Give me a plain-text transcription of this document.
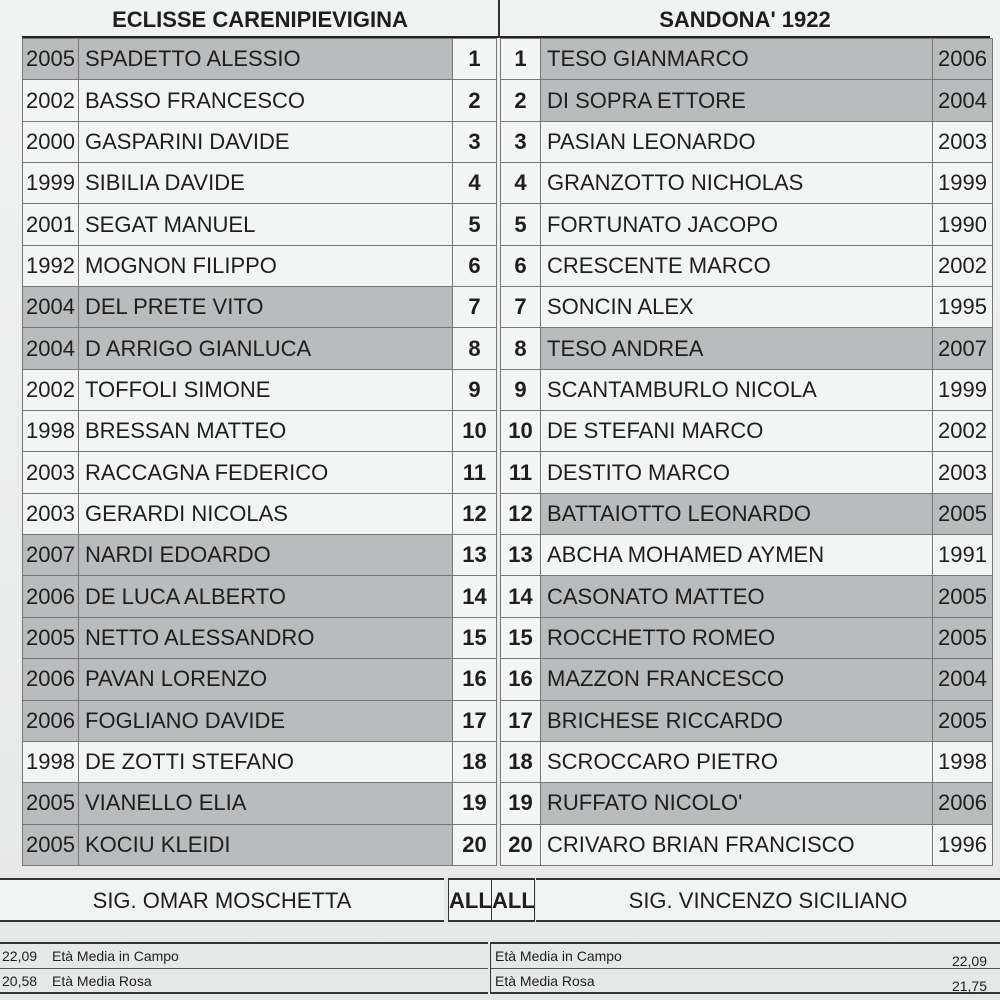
ECLISSE CARENIPIEVIGINA	SANDONA' 1922
2005	SPADETTO ALESSIO	1
2002	BASSO FRANCESCO	2
2000	GASPARINI DAVIDE	3
1999	SIBILIA DAVIDE	4
2001	SEGAT MANUEL	5
1992	MOGNON FILIPPO	6
2004	DEL PRETE VITO	7
2004	D ARRIGO GIANLUCA	8
2002	TOFFOLI SIMONE	9
1998	BRESSAN MATTEO	10
2003	RACCAGNA FEDERICO	11
2003	GERARDI NICOLAS	12
2007	NARDI EDOARDO	13
2006	DE LUCA ALBERTO	14
2005	NETTO ALESSANDRO	15
2006	PAVAN LORENZO	16
2006	FOGLIANO DAVIDE	17
1998	DE ZOTTI STEFANO	18
2005	VIANELLO ELIA	19
2005	KOCIU KLEIDI	20
1	TESO GIANMARCO	2006
2	DI SOPRA ETTORE	2004
3	PASIAN LEONARDO	2003
4	GRANZOTTO NICHOLAS	1999
5	FORTUNATO JACOPO	1990
6	CRESCENTE MARCO	2002
7	SONCIN ALEX	1995
8	TESO ANDREA	2007
9	SCANTAMBURLO NICOLA	1999
10	DE STEFANI MARCO	2002
11	DESTITO MARCO	2003
12	BATTAIOTTO LEONARDO	2005
13	ABCHA MOHAMED AYMEN	1991
14	CASONATO MATTEO	2005
15	ROCCHETTO ROMEO	2005
16	MAZZON FRANCESCO	2004
17	BRICHESE RICCARDO	2005
18	SCROCCARO PIETRO	1998
19	RUFFATO NICOLO'	2006
20	CRIVARO BRIAN FRANCISCO	1996
SIG. OMAR MOSCHETTA	ALL ALL	SIG. VINCENZO SICILIANO
22,09 Età Media in Campo
20,58 Età Media Rosa
Età Media in Campo	22,09
Età Media Rosa	21,75
